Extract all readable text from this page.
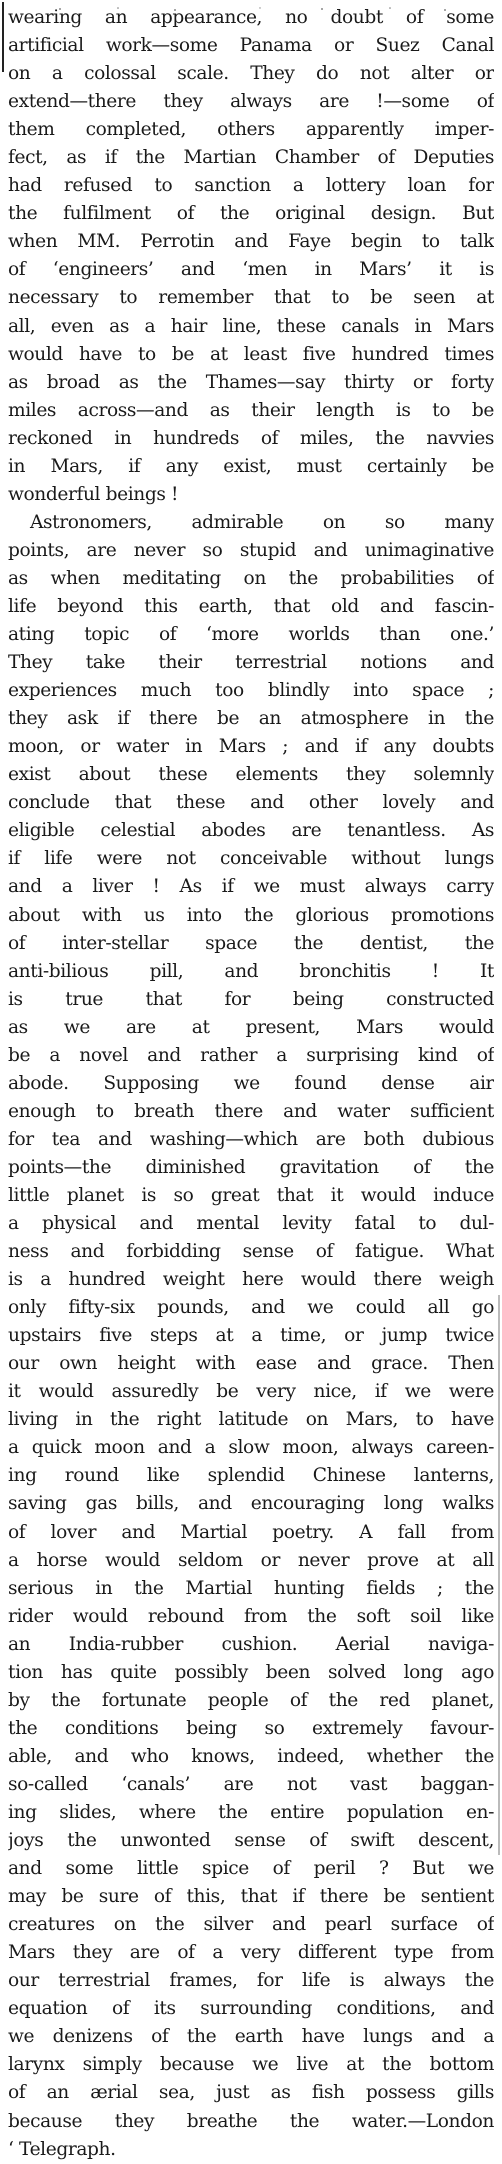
wearing an appearance, no doubt of some
artificial work—some Panama or Suez Canal
on a colossal scale. They do not alter or
extend—there they always are !—some of
them completed, others apparently imper-
fect, as if the Martian Chamber of Deputies
had refused to sanction a lottery loan for
the fulfilment of the original design. But
when MM. Perrotin and Faye begin to talk
of ‘engineers’ and ‘men in Mars’ it is
necessary to remember that to be seen at
all, even as a hair line, these canals in Mars
would have to be at least five hundred times
as broad as the Thames—say thirty or forty
miles across—and as their length is to be
reckoned in hundreds of miles, the navvies
in Mars, if any exist, must certainly be
wonderful beings !
Astronomers, admirable on so many
points, are never so stupid and unimaginative
as when meditating on the probabilities of
life beyond this earth, that old and fascin-
ating topic of ‘more worlds than one.’
They take their terrestrial notions and
experiences much too blindly into space ;
they ask if there be an atmosphere in the
moon, or water in Mars ; and if any doubts
exist about these elements they solemnly
conclude that these and other lovely and
eligible celestial abodes are tenantless. As
if life were not conceivable without lungs
and a liver ! As if we must always carry
about with us into the glorious promotions
of inter-stellar space the dentist, the
anti-bilious pill, and bronchitis ! It
is true that for being constructed
as we are at present, Mars would
be a novel and rather a surprising kind of
abode. Supposing we found dense air
enough to breath there and water sufficient
for tea and washing—which are both dubious
points—the diminished gravitation of the
little planet is so great that it would induce
a physical and mental levity fatal to dul-
ness and forbidding sense of fatigue. What
is a hundred weight here would there weigh
only fifty-six pounds, and we could all go
upstairs five steps at a time, or jump twice
our own height with ease and grace. Then
it would assuredly be very nice, if we were
living in the right latitude on Mars, to have
a quick moon and a slow moon, always careen-
ing round like splendid Chinese lanterns,
saving gas bills, and encouraging long walks
of lover and Martial poetry. A fall from
a horse would seldom or never prove at all
serious in the Martial hunting fields ; the
rider would rebound from the soft soil like
an India-rubber cushion. Aerial naviga-
tion has quite possibly been solved long ago
by the fortunate people of the red planet,
the conditions being so extremely favour-
able, and who knows, indeed, whether the
so-called ‘canals’ are not vast baggan-
ing slides, where the entire population en-
joys the unwonted sense of swift descent,
and some little spice of peril ? But we
may be sure of this, that if there be sentient
creatures on the silver and pearl surface of
Mars they are of a very different type from
our terrestrial frames, for life is always the
equation of its surrounding conditions, and
we denizens of the earth have lungs and a
larynx simply because we live at the bottom
of an ærial sea, just as fish possess gills
because they breathe the water.—London
‘ Telegraph.
